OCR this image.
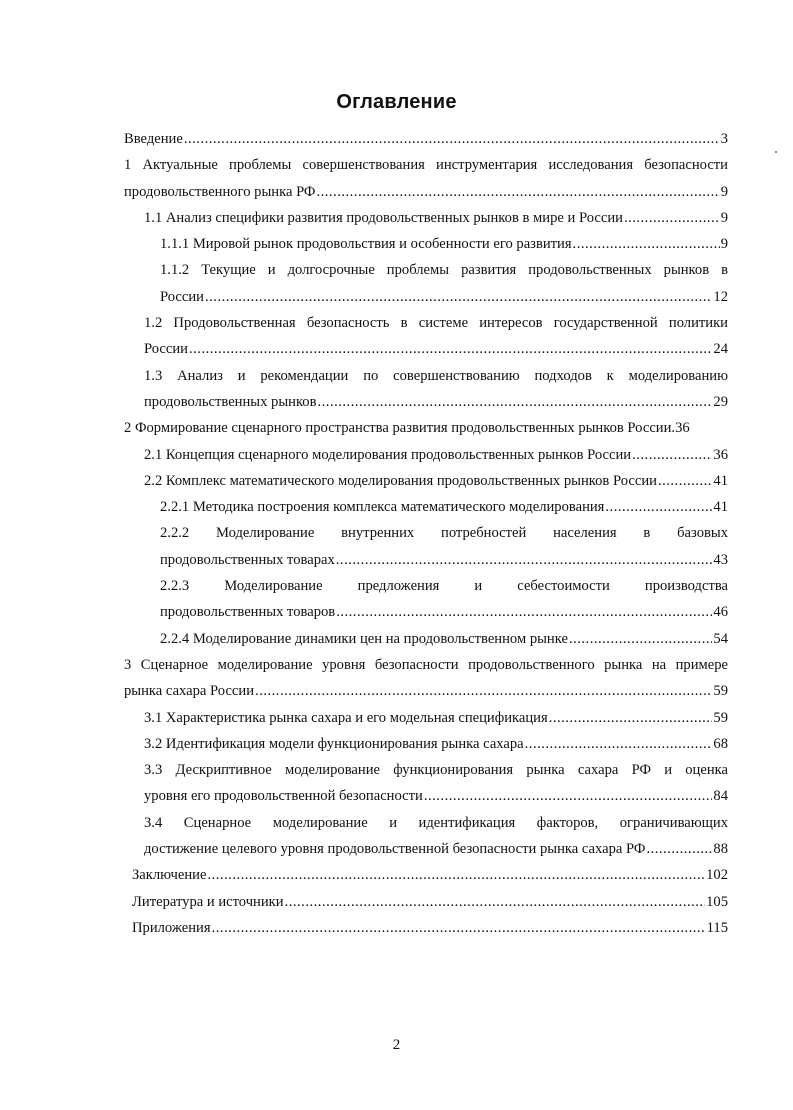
Оглавление
Введение .....	3
1 Актуальные проблемы совершенствования инструментария исследования безопасности
продовольственного рынка РФ .....	9
1.1 Анализ специфики развития продовольственных рынков в мире и России .....	9
1.1.1 Мировой рынок продовольствия и особенности его развития .....	9
1.1.2 Текущие и долгосрочные проблемы развития продовольственных рынков в
России .....	12
1.2 Продовольственная безопасность в системе интересов государственной политики
России .....	24
1.3 Анализ и рекомендации по совершенствованию подходов к моделированию
продовольственных рынков .....	29
2 Формирование сценарного пространства развития продовольственных рынков России. 36
2.1 Концепция сценарного моделирования продовольственных рынков России .....	36
2.2 Комплекс математического моделирования продовольственных рынков России .....	41
2.2.1 Методика построения комплекса математического моделирования .....	41
2.2.2 Моделирование внутренних потребностей населения в базовых
продовольственных товарах .....	43
2.2.3 Моделирование предложения и себестоимости производства
продовольственных товаров .....	46
2.2.4 Моделирование динамики цен на продовольственном рынке .....	54
3 Сценарное моделирование уровня безопасности продовольственного рынка на примере
рынка сахара России .....	59
3.1 Характеристика рынка сахара и его модельная спецификация .....	59
3.2 Идентификация модели функционирования рынка сахара .....	68
3.3 Дескриптивное моделирование функционирования рынка сахара РФ и оценка
уровня его продовольственной безопасности .....	84
3.4 Сценарное моделирование и идентификация факторов, ограничивающих
достижение целевого уровня продовольственной безопасности рынка сахара РФ .....	88
Заключение .....	102
Литература и источники .....	105
Приложения .....	115
2
